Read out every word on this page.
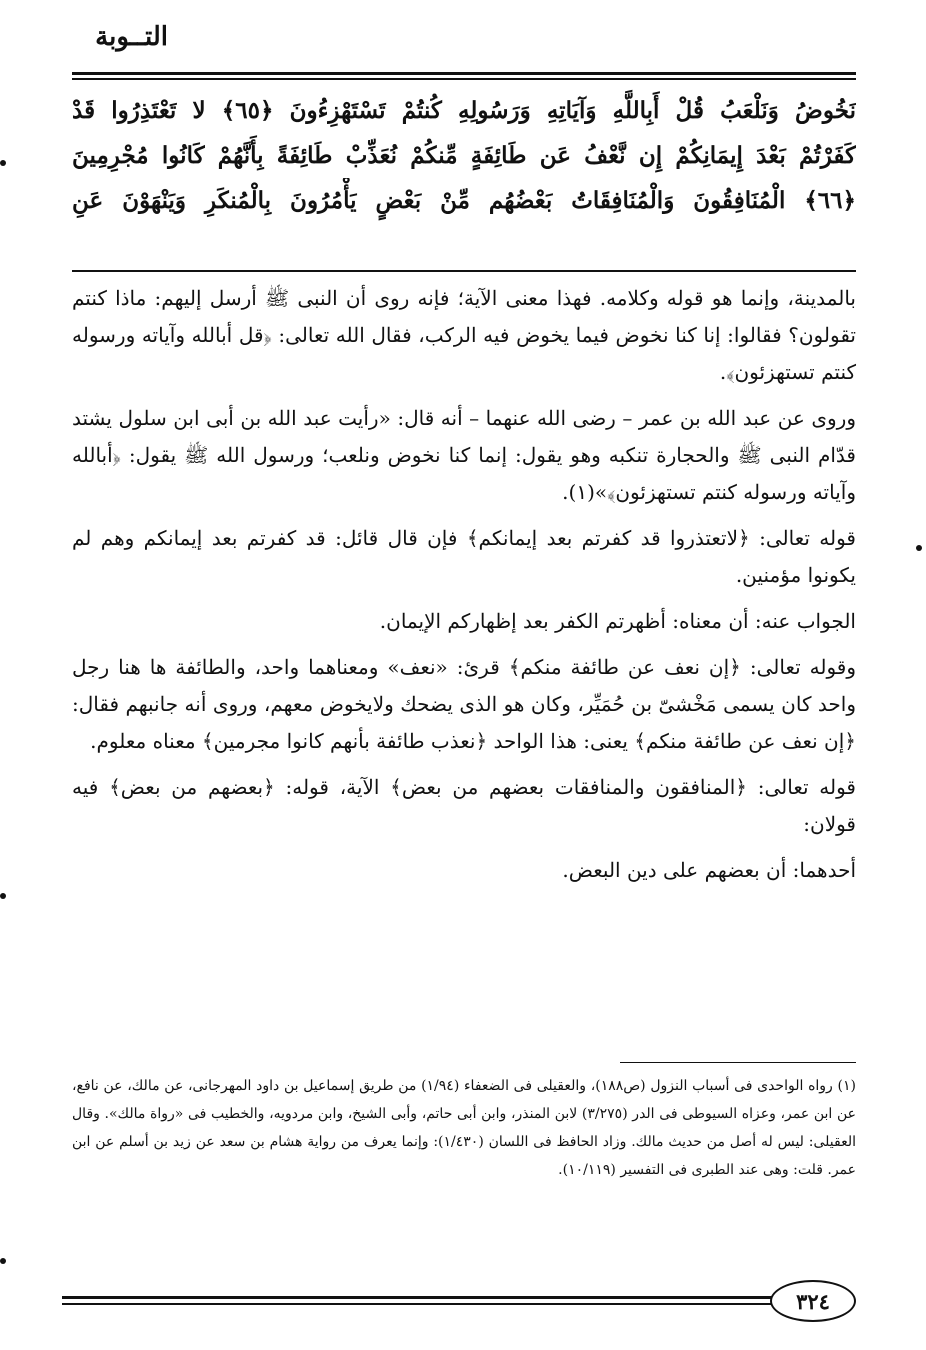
التــوبة
نَخُوضُ وَنَلْعَبُ قُلْ أَبِاللَّهِ وَآيَاتِهِ وَرَسُولِهِ كُنتُمْ تَسْتَهْزِءُونَ ﴿٦٥﴾ لا تَعْتَذِرُوا قَدْ
كَفَرْتُمْ بَعْدَ إِيمَانِكُمْ إِن نَّعْفُ عَن طَائِفَةٍ مِّنكُمْ نُعَذِّبْ طَائِفَةً بِأَنَّهُمْ كَانُوا مُجْرِمِينَ
﴿٦٦﴾ الْمُنَافِقُونَ وَالْمُنَافِقَاتُ بَعْضُهُم مِّنْ بَعْضٍ يَأْمُرُونَ بِالْمُنكَرِ وَيَنْهَوْنَ عَنِ

بالمدينة، وإنما هو قوله وكلامه. فهذا معنى الآية؛ فإنه روى أن النبى ﷺ أرسل إليهم: ماذا كنتم تقولون؟ فقالوا: إنا كنا نخوض فيما يخوض فيه الركب، فقال الله تعالى: ﴿قل أبالله وآياته ورسوله كنتم تستهزئون﴾.

وروى عن عبد الله بن عمر – رضى الله عنهما – أنه قال: «رأيت عبد الله بن أبى ابن سلول يشتد قدّام النبى ﷺ والحجارة تنكبه وهو يقول: إنما كنا نخوض ونلعب؛ ورسول الله ﷺ يقول: ﴿أبالله وآياته ورسوله كنتم تستهزئون﴾»(١).

قوله تعالى: ﴿لاتعتذروا قد كفرتم بعد إيمانكم﴾ فإن قال قائل: قد كفرتم بعد إيمانكم وهم لم يكونوا مؤمنين.

الجواب عنه: أن معناه: أظهرتم الكفر بعد إظهاركم الإيمان.

وقوله تعالى: ﴿إن نعف عن طائفة منكم﴾ قرئ: «نعف» ومعناهما واحد، والطائفة ها هنا رجل واحد كان يسمى مَخْشىّ بن حُمَيِّر، وكان هو الذى يضحك ولايخوض معهم، وروى أنه جانبهم فقال: ﴿إن نعف عن طائفة منكم﴾ يعنى: هذا الواحد ﴿نعذب طائفة بأنهم كانوا مجرمين﴾ معناه معلوم.

قوله تعالى: ﴿المنافقون والمنافقات بعضهم من بعض﴾ الآية، قوله: ﴿بعضهم من بعض﴾ فيه قولان:

أحدهما: أن بعضهم على دين البعض.

(١) رواه الواحدى فى أسباب النزول (ص١٨٨)، والعقيلى فى الضعفاء (١/٩٤) من طريق إسماعيل بن داود المهرجانى، عن مالك، عن نافع، عن ابن عمر، وعزاه السيوطى فى الدر (٣/٢٧٥) لابن المنذر، وابن أبى حاتم، وأبى الشيخ، وابن مردويه، والخطيب فى «رواة مالك». وقال العقيلى: ليس له أصل من حديث مالك. وزاد الحافظ فى اللسان (١/٤٣٠): وإنما يعرف من رواية هشام بن سعد عن زيد بن أسلم عن ابن عمر. قلت: وهى عند الطبرى فى التفسير (١٠/١١٩).
٣٢٤
